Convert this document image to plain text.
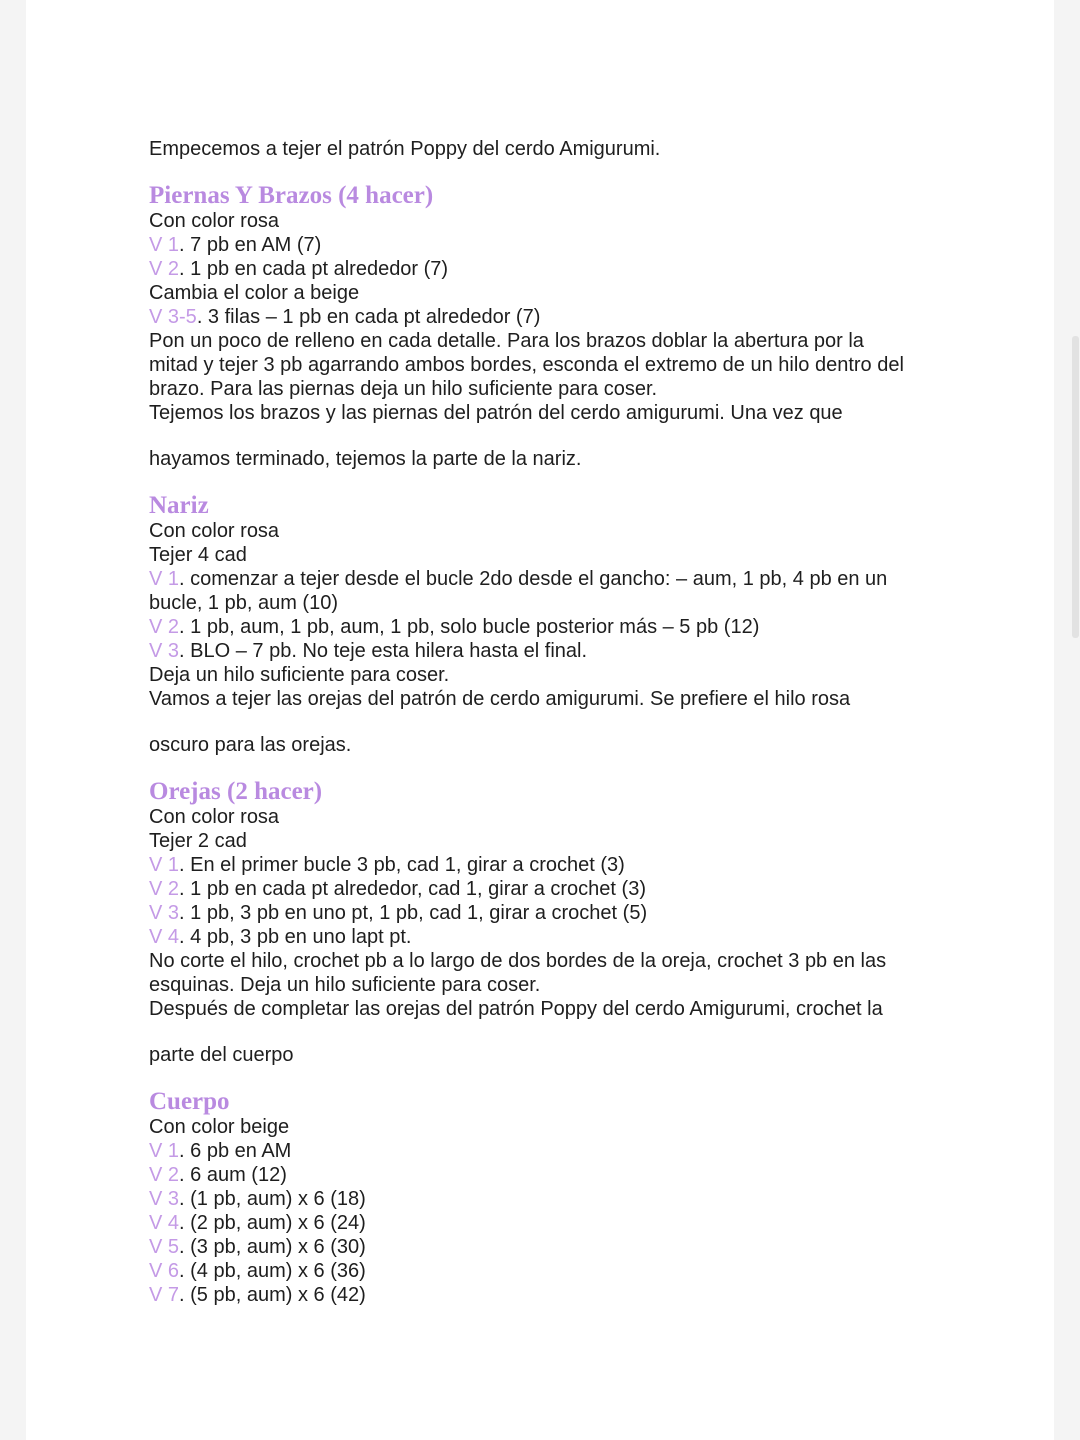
Empecemos a tejer el patrón Poppy del cerdo Amigurumi.

Piernas Y Brazos (4 hacer)

Con color rosa

V 1. 7 pb en AM (7)

V 2. 1 pb en cada pt alrededor (7)

Cambia el color a beige

V 3-5. 3 filas – 1 pb en cada pt alrededor (7)

Pon un poco de relleno en cada detalle. Para los brazos doblar la abertura por la

mitad y tejer 3 pb agarrando ambos bordes, esconda el extremo de un hilo dentro del

brazo. Para las piernas deja un hilo suficiente para coser.

Tejemos los brazos y las piernas del patrón del cerdo amigurumi. Una vez que

hayamos terminado, tejemos la parte de la nariz.

Nariz

Con color rosa

Tejer 4 cad

V 1. comenzar a tejer desde el bucle 2do desde el gancho: – aum, 1 pb, 4 pb en un

bucle, 1 pb, aum (10)

V 2. 1 pb, aum, 1 pb, aum, 1 pb, solo bucle posterior más – 5 pb (12)

V 3. BLO – 7 pb. No teje esta hilera hasta el final.

Deja un hilo suficiente para coser.

Vamos a tejer las orejas del patrón de cerdo amigurumi. Se prefiere el hilo rosa

oscuro para las orejas.

Orejas (2 hacer)

Con color rosa

Tejer 2 cad

V 1. En el primer bucle 3 pb, cad 1, girar a crochet (3)

V 2. 1 pb en cada pt alrededor, cad 1, girar a crochet (3)

V 3. 1 pb, 3 pb en uno pt, 1 pb, cad 1, girar a crochet (5)

V 4. 4 pb, 3 pb en uno lapt pt.

No corte el hilo, crochet pb a lo largo de dos bordes de la oreja, crochet 3 pb en las

esquinas. Deja un hilo suficiente para coser.

Después de completar las orejas del patrón Poppy del cerdo Amigurumi, crochet la

parte del cuerpo

Cuerpo

Con color beige

V 1. 6 pb en AM

V 2. 6 aum (12)

V 3. (1 pb, aum) x 6 (18)

V 4. (2 pb, aum) x 6 (24)

V 5. (3 pb, aum) x 6 (30)

V 6. (4 pb, aum) x 6 (36)

V 7. (5 pb, aum) x 6 (42)
